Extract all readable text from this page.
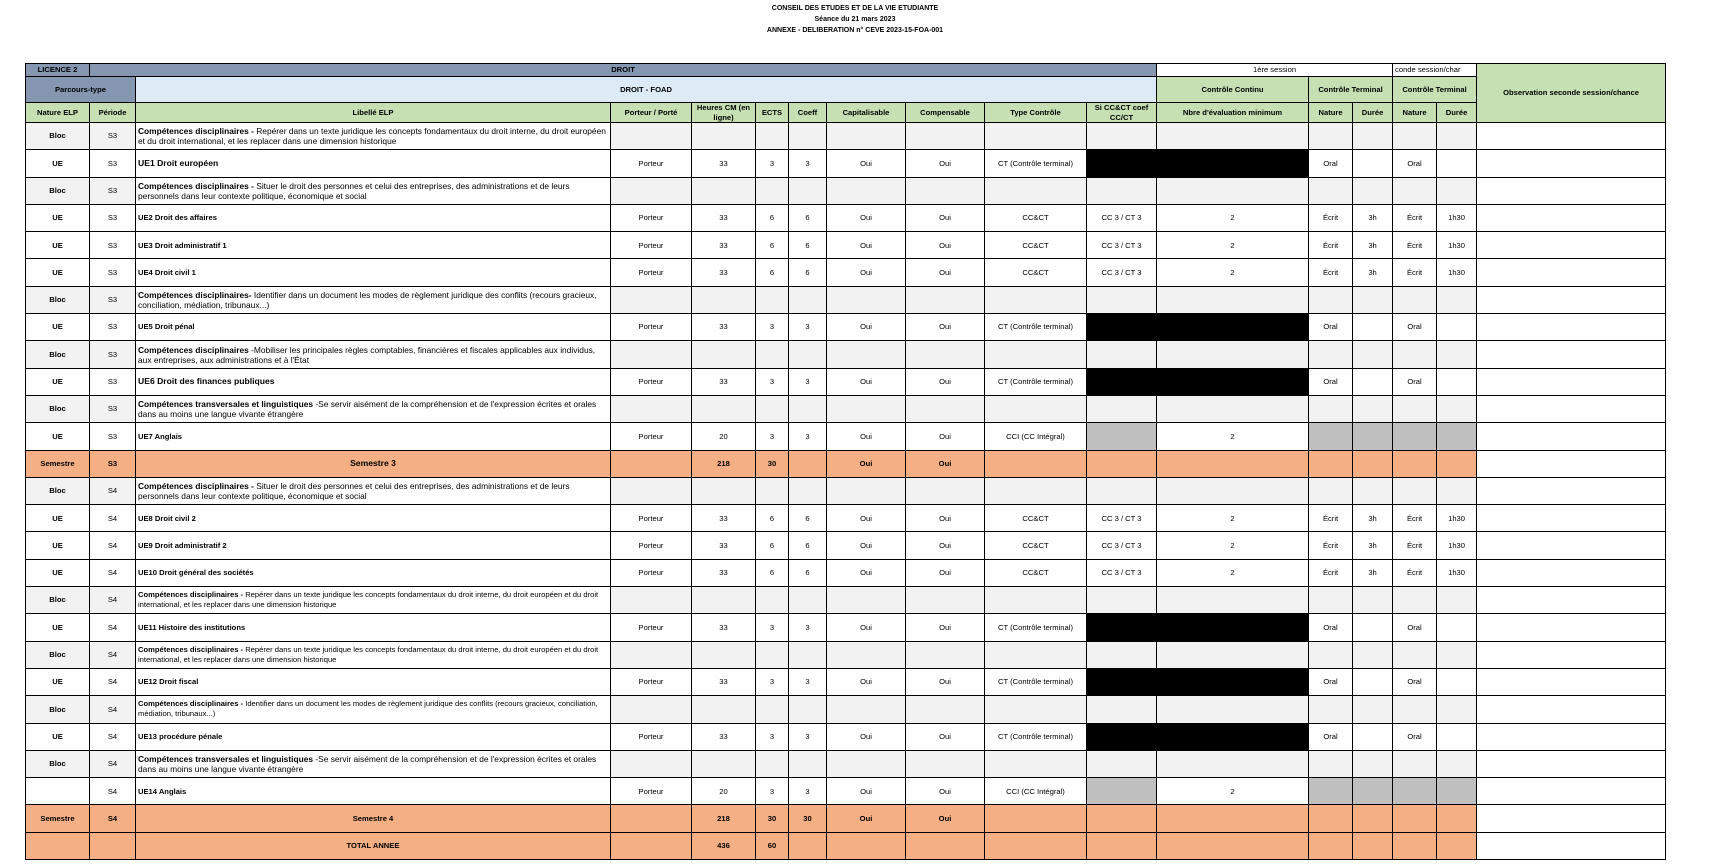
CONSEIL DES ETUDES ET DE LA VIE ETUDIANTE
Séance du 21 mars 2023
ANNEXE - DELIBERATION n° CEVE 2023-15-FOA-001
LICENCE 2	DROIT										1ère session			conde session/char		Observation seconde session/chance
Parcours-type		DROIT - FOAD									Contrôle Continu	Contrôle Terminal		Contrôle Terminal		
Nature ELP	Période	Libellé ELP	Porteur / Porté	Heures CM (en ligne)	ECTS	Coeff	Capitalisable	Compensable	Type Contrôle	Si CC&CT coef CC/CT	Nbre d'évaluation minimum	Nature	Durée	Nature	Durée	
Bloc	S3	Compétences disciplinaires - Repérer dans un texte juridique les concepts fondamentaux du droit interne, du droit européen et du droit international, et les replacer dans une dimension historique														
UE	S3	UE1 Droit européen	Porteur	33	3	3	Oui	Oui	CT (Contrôle terminal)			Oral		Oral		
Bloc	S3	Compétences disciplinaires - Situer le droit des personnes et celui des entreprises, des administrations et de leurs personnels dans leur contexte politique, économique et social														
UE	S3	UE2 Droit des affaires	Porteur	33	6	6	Oui	Oui	CC&CT	CC 3 / CT 3	2	Écrit	3h	Écrit	1h30	
UE	S3	UE3 Droit administratif 1	Porteur	33	6	6	Oui	Oui	CC&CT	CC 3 / CT 3	2	Écrit	3h	Écrit	1h30	
UE	S3	UE4 Droit civil 1	Porteur	33	6	6	Oui	Oui	CC&CT	CC 3 / CT 3	2	Écrit	3h	Écrit	1h30	
Bloc	S3	Compétences disciplinaires- Identifier dans un document les modes de règlement juridique des conflits (recours gracieux, conciliation, médiation, tribunaux...)														
UE	S3	UE5 Droit pénal	Porteur	33	3	3	Oui	Oui	CT (Contrôle terminal)			Oral		Oral		
Bloc	S3	Compétences disciplinaires -Mobiliser les principales règles comptables, financières et fiscales applicables aux individus, aux entreprises, aux administrations et à l'État														
UE	S3	UE6 Droit des finances publiques	Porteur	33	3	3	Oui	Oui	CT (Contrôle terminal)			Oral		Oral		
Bloc	S3	Compétences transversales et linguistiques -Se servir aisément de la compréhension et de l'expression écrites et orales dans au moins une langue vivante étrangère														
UE	S3	UE7 Anglais	Porteur	20	3	3	Oui	Oui	CCI (CC Intégral)		2					
Semestre	S3	Semestre 3		218	30		Oui	Oui								
Bloc	S4	Compétences disciplinaires - Situer le droit des personnes et celui des entreprises, des administrations et de leurs personnels dans leur contexte politique, économique et social														
UE	S4	UE8 Droit civil 2	Porteur	33	6	6	Oui	Oui	CC&CT	CC 3 / CT 3	2	Écrit	3h	Écrit	1h30	
UE	S4	UE9 Droit administratif 2	Porteur	33	6	6	Oui	Oui	CC&CT	CC 3 / CT 3	2	Écrit	3h	Écrit	1h30	
UE	S4	UE10 Droit général des sociétés	Porteur	33	6	6	Oui	Oui	CC&CT	CC 3 / CT 3	2	Écrit	3h	Écrit	1h30	
Bloc	S4	Compétences disciplinaires - Repérer dans un texte juridique les concepts fondamentaux du droit interne, du droit européen et du droit international, et les replacer dans une dimension historique														
UE	S4	UE11 Histoire des institutions	Porteur	33	3	3	Oui	Oui	CT (Contrôle terminal)			Oral		Oral		
Bloc	S4	Compétences disciplinaires - Repérer dans un texte juridique les concepts fondamentaux du droit interne, du droit européen et du droit international, et les replacer dans une dimension historique														
UE	S4	UE12 Droit fiscal	Porteur	33	3	3	Oui	Oui	CT (Contrôle terminal)			Oral		Oral		
Bloc	S4	Compétences disciplinaires - Identifier dans un document les modes de règlement juridique des conflits (recours gracieux, conciliation, médiation, tribunaux...)														
UE	S4	UE13 procédure pénale	Porteur	33	3	3	Oui	Oui	CT (Contrôle terminal)			Oral		Oral		
Bloc	S4	Compétences transversales et linguistiques -Se servir aisément de la compréhension et de l'expression écrites et orales dans au moins une langue vivante étrangère														
	S4	UE14 Anglais	Porteur	20	3	3	Oui	Oui	CCI (CC Intégral)		2					
Semestre	S4	Semestre 4		218	30	30	Oui	Oui								
		TOTAL ANNEE		436	60											
